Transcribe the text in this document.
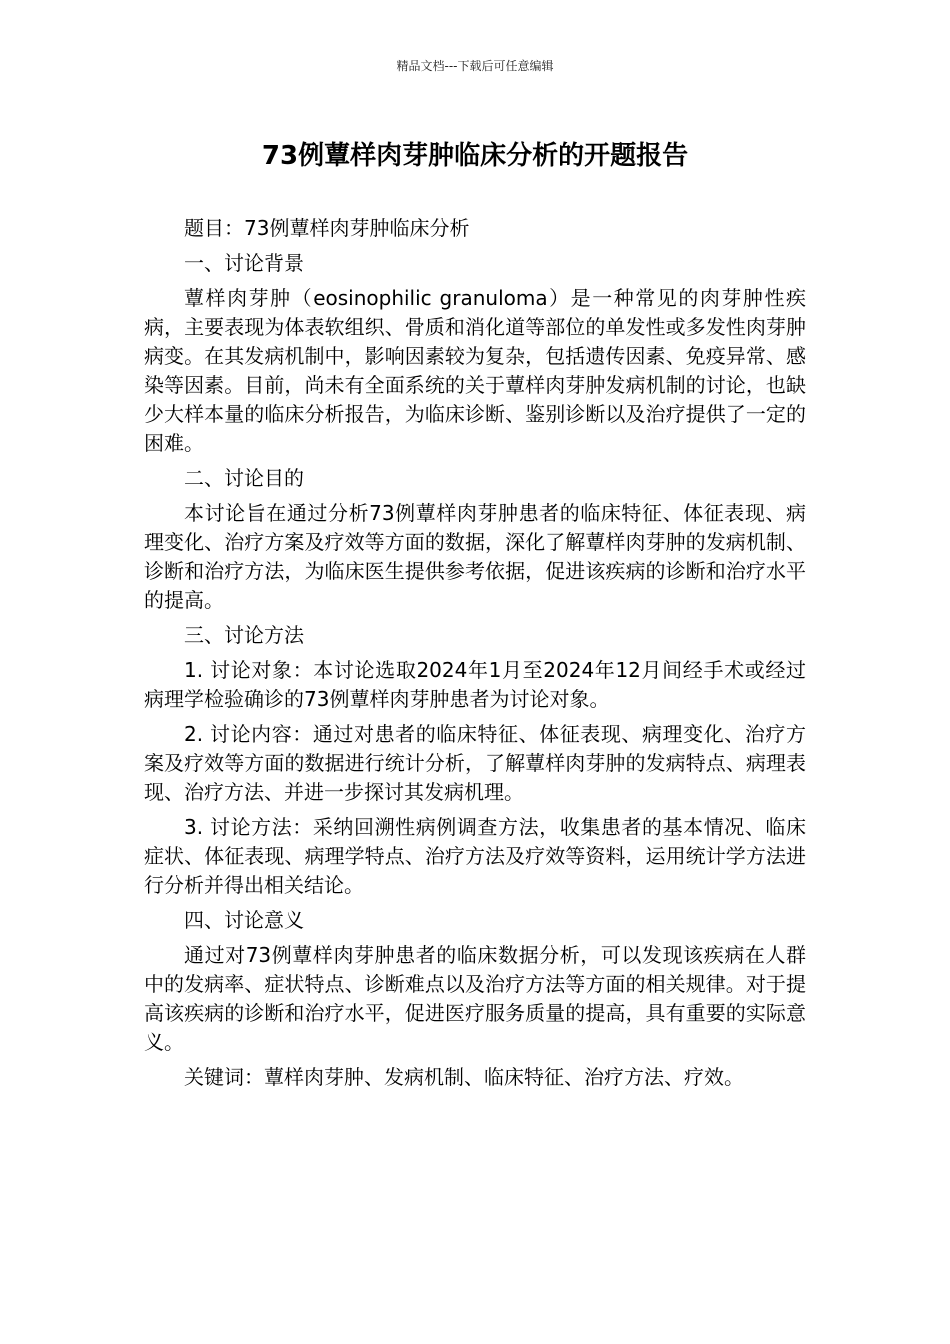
精品文档---下载后可任意编辑
73例蕈样肉芽肿临床分析的开题报告

题目：73例蕈样肉芽肿临床分析

一、讨论背景

蕈样肉芽肿（eosinophilic granuloma）是一种常见的肉芽肿性疾病，主要表现为体表软组织、骨质和消化道等部位的单发性或多发性肉芽肿病变。在其发病机制中，影响因素较为复杂，包括遗传因素、免疫异常、感染等因素。目前，尚未有全面系统的关于蕈样肉芽肿发病机制的讨论，也缺少大样本量的临床分析报告，为临床诊断、鉴别诊断以及治疗提供了一定的困难。

二、讨论目的

本讨论旨在通过分析73例蕈样肉芽肿患者的临床特征、体征表现、病理变化、治疗方案及疗效等方面的数据，深化了解蕈样肉芽肿的发病机制、诊断和治疗方法，为临床医生提供参考依据，促进该疾病的诊断和治疗水平的提高。

三、讨论方法

1. 讨论对象：本讨论选取2024年1月至2024年12月间经手术或经过病理学检验确诊的73例蕈样肉芽肿患者为讨论对象。

2. 讨论内容：通过对患者的临床特征、体征表现、病理变化、治疗方案及疗效等方面的数据进行统计分析，了解蕈样肉芽肿的发病特点、病理表现、治疗方法、并进一步探讨其发病机理。

3. 讨论方法：采纳回溯性病例调查方法，收集患者的基本情况、临床症状、体征表现、病理学特点、治疗方法及疗效等资料，运用统计学方法进行分析并得出相关结论。

四、讨论意义

通过对73例蕈样肉芽肿患者的临床数据分析，可以发现该疾病在人群中的发病率、症状特点、诊断难点以及治疗方法等方面的相关规律。对于提高该疾病的诊断和治疗水平，促进医疗服务质量的提高，具有重要的实际意义。

关键词：蕈样肉芽肿、发病机制、临床特征、治疗方法、疗效。
